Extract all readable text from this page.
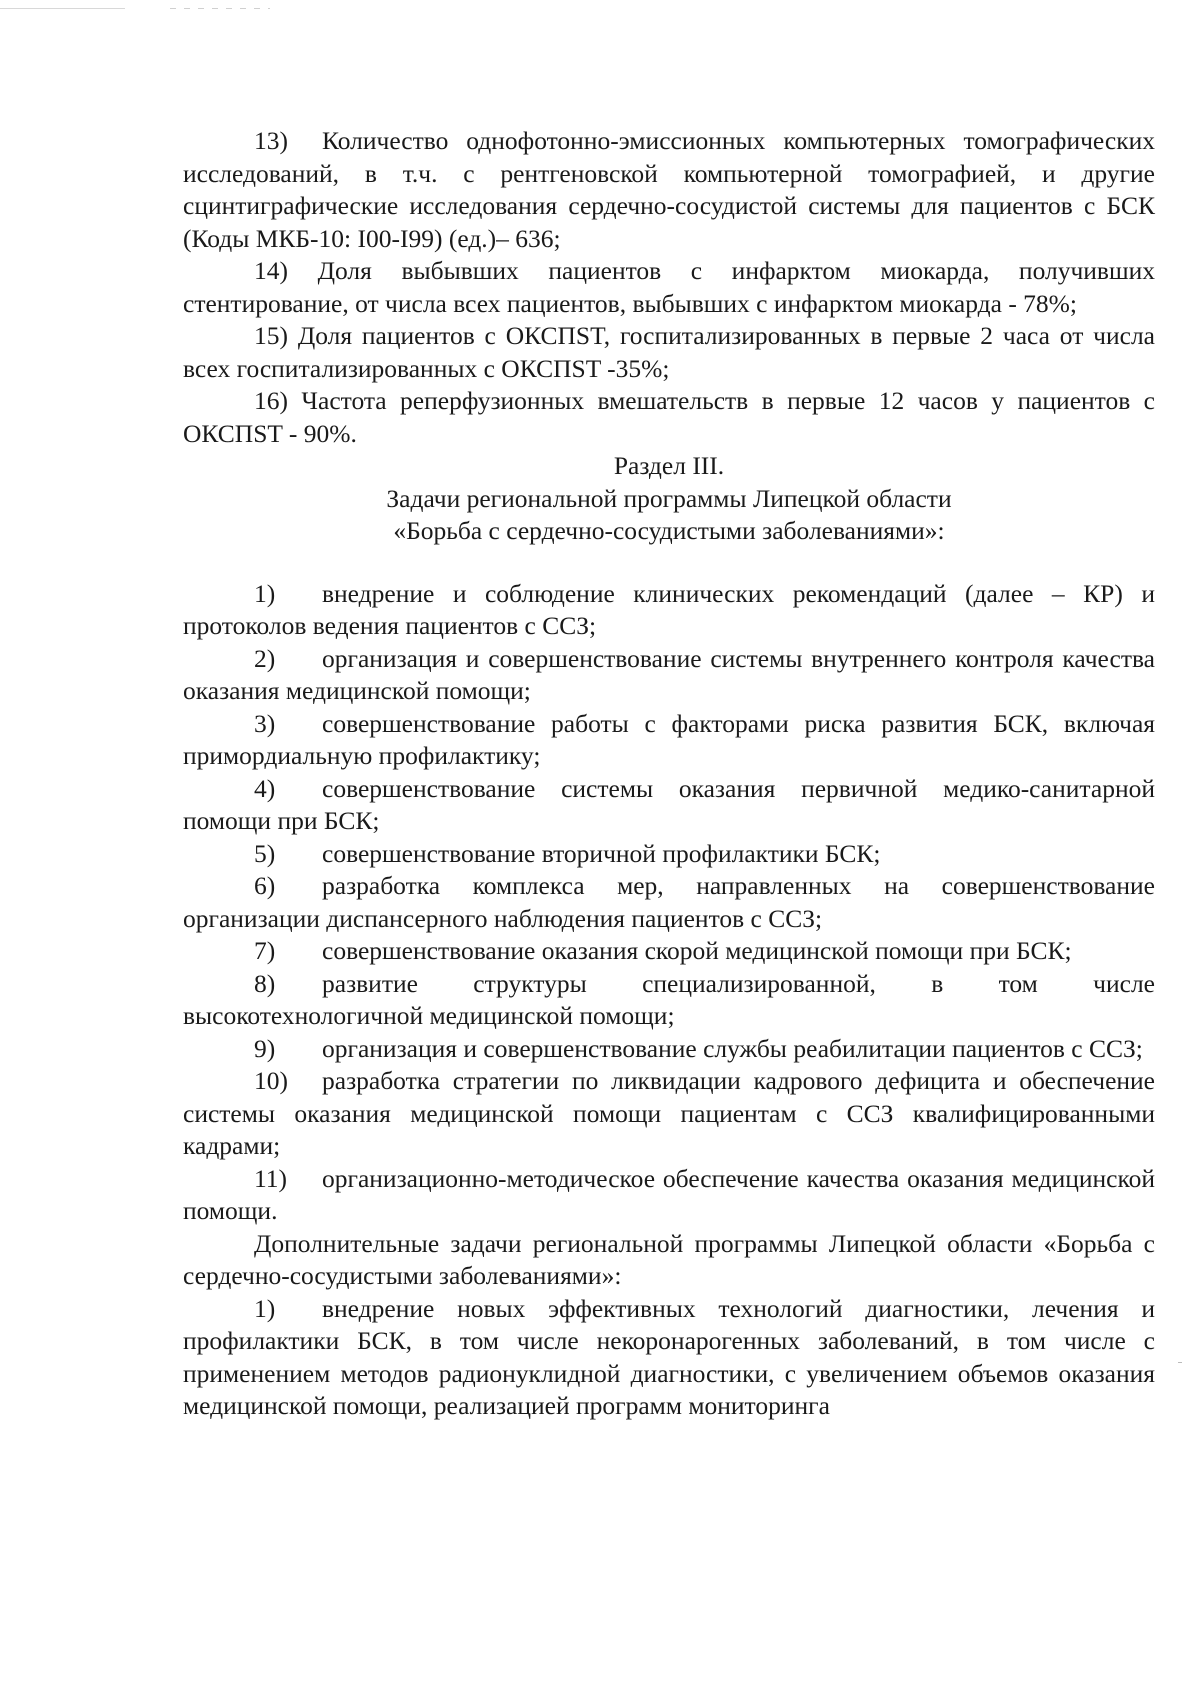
13) Количество однофотонно-эмиссионных компьютерных томографических исследований, в т.ч. с рентгеновской компьютерной томографией, и другие сцинтиграфические исследования сердечно-сосудистой системы для пациентов с БСК (Коды МКБ-10: I00-I99) (ед.)– 636;

14) Доля выбывших пациентов с инфарктом миокарда, получивших стентирование, от числа всех пациентов, выбывших с инфарктом миокарда - 78%;

15) Доля пациентов с ОКСПST, госпитализированных в первые 2 часа от числа всех госпитализированных с ОКСПST -35%;

16) Частота реперфузионных вмешательств в первые 12 часов у пациентов с ОКСПST - 90%.

Раздел III.

Задачи региональной программы Липецкой области

«Борьба с сердечно-сосудистыми заболеваниями»:

1) внедрение и соблюдение клинических рекомендаций (далее – КР) и протоколов ведения пациентов с ССЗ;

2) организация и совершенствование системы внутреннего контроля качества оказания медицинской помощи;

3) совершенствование работы с факторами риска развития БСК, включая примордиальную профилактику;

4) совершенствование системы оказания первичной медико-санитарной помощи при БСК;

5) совершенствование вторичной профилактики БСК;

6) разработка комплекса мер, направленных на совершенствование организации диспансерного наблюдения пациентов с ССЗ;

7) совершенствование оказания скорой медицинской помощи при БСК;

8) развитие структуры специализированной, в том числе высокотехнологичной медицинской помощи;

9) организация и совершенствование службы реабилитации пациентов с ССЗ;

10) разработка стратегии по ликвидации кадрового дефицита и обеспечение системы оказания медицинской помощи пациентам с ССЗ квалифицированными кадрами;

11) организационно-методическое обеспечение качества оказания медицинской помощи.

Дополнительные задачи региональной программы Липецкой области «Борьба с сердечно-сосудистыми заболеваниями»:

1) внедрение новых эффективных технологий диагностики, лечения и профилактики БСК, в том числе некоронарогенных заболеваний, в том числе с применением методов радионуклидной диагностики, с увеличением объемов оказания медицинской помощи, реализацией программ мониторинга
